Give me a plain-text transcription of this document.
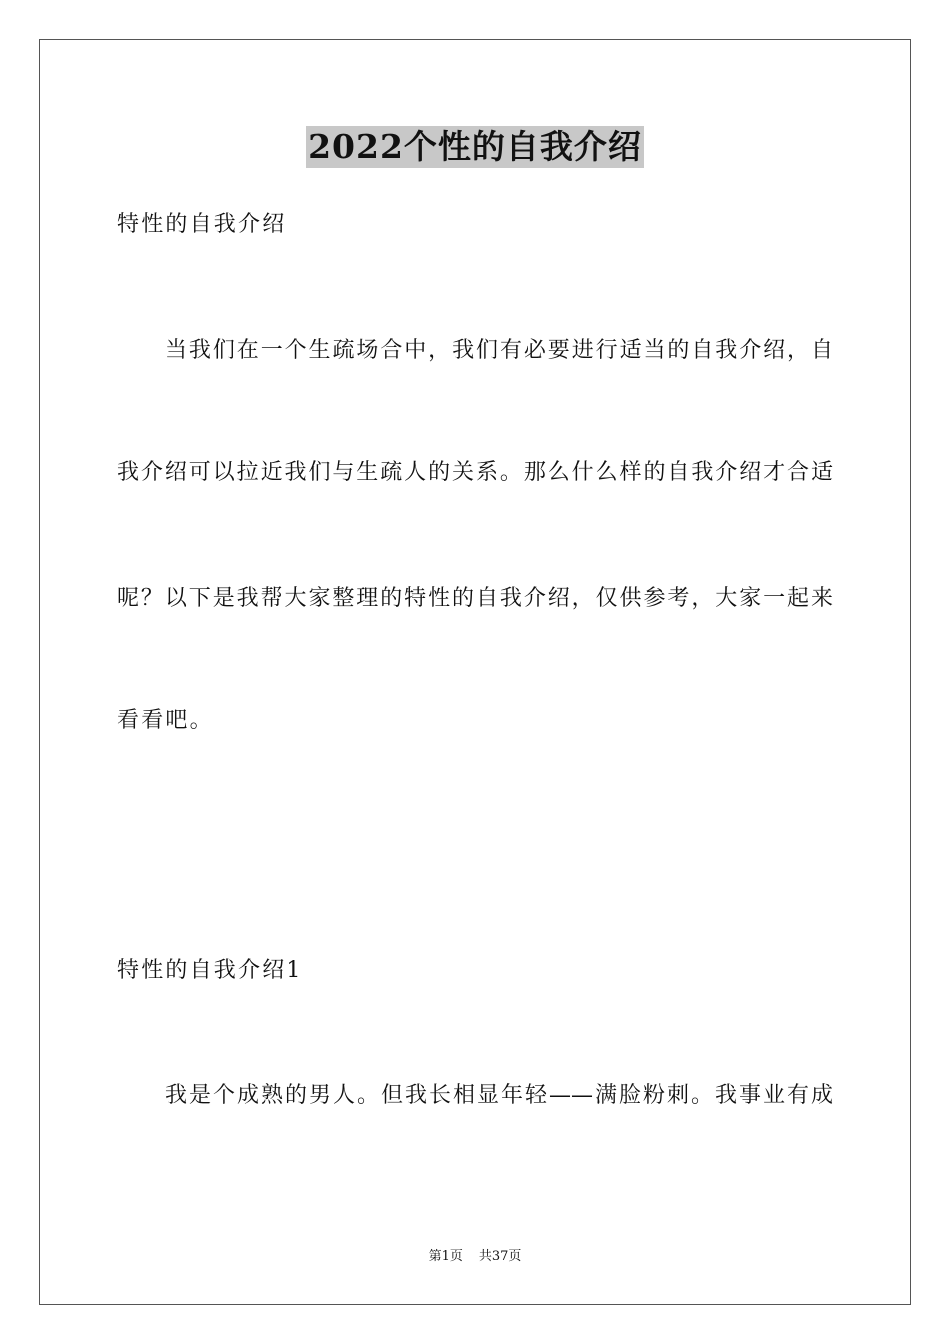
2022个性的自我介绍
特性的自我介绍
当我们在一个生疏场合中，我们有必要进行适当的自我介绍，自
我介绍可以拉近我们与生疏人的关系。那么什么样的自我介绍才合适
呢？以下是我帮大家整理的特性的自我介绍，仅供参考，大家一起来
看看吧。
特性的自我介绍1
我是个成熟的男人。但我长相显年轻——满脸粉刺。我事业有成
第1页 共37页
